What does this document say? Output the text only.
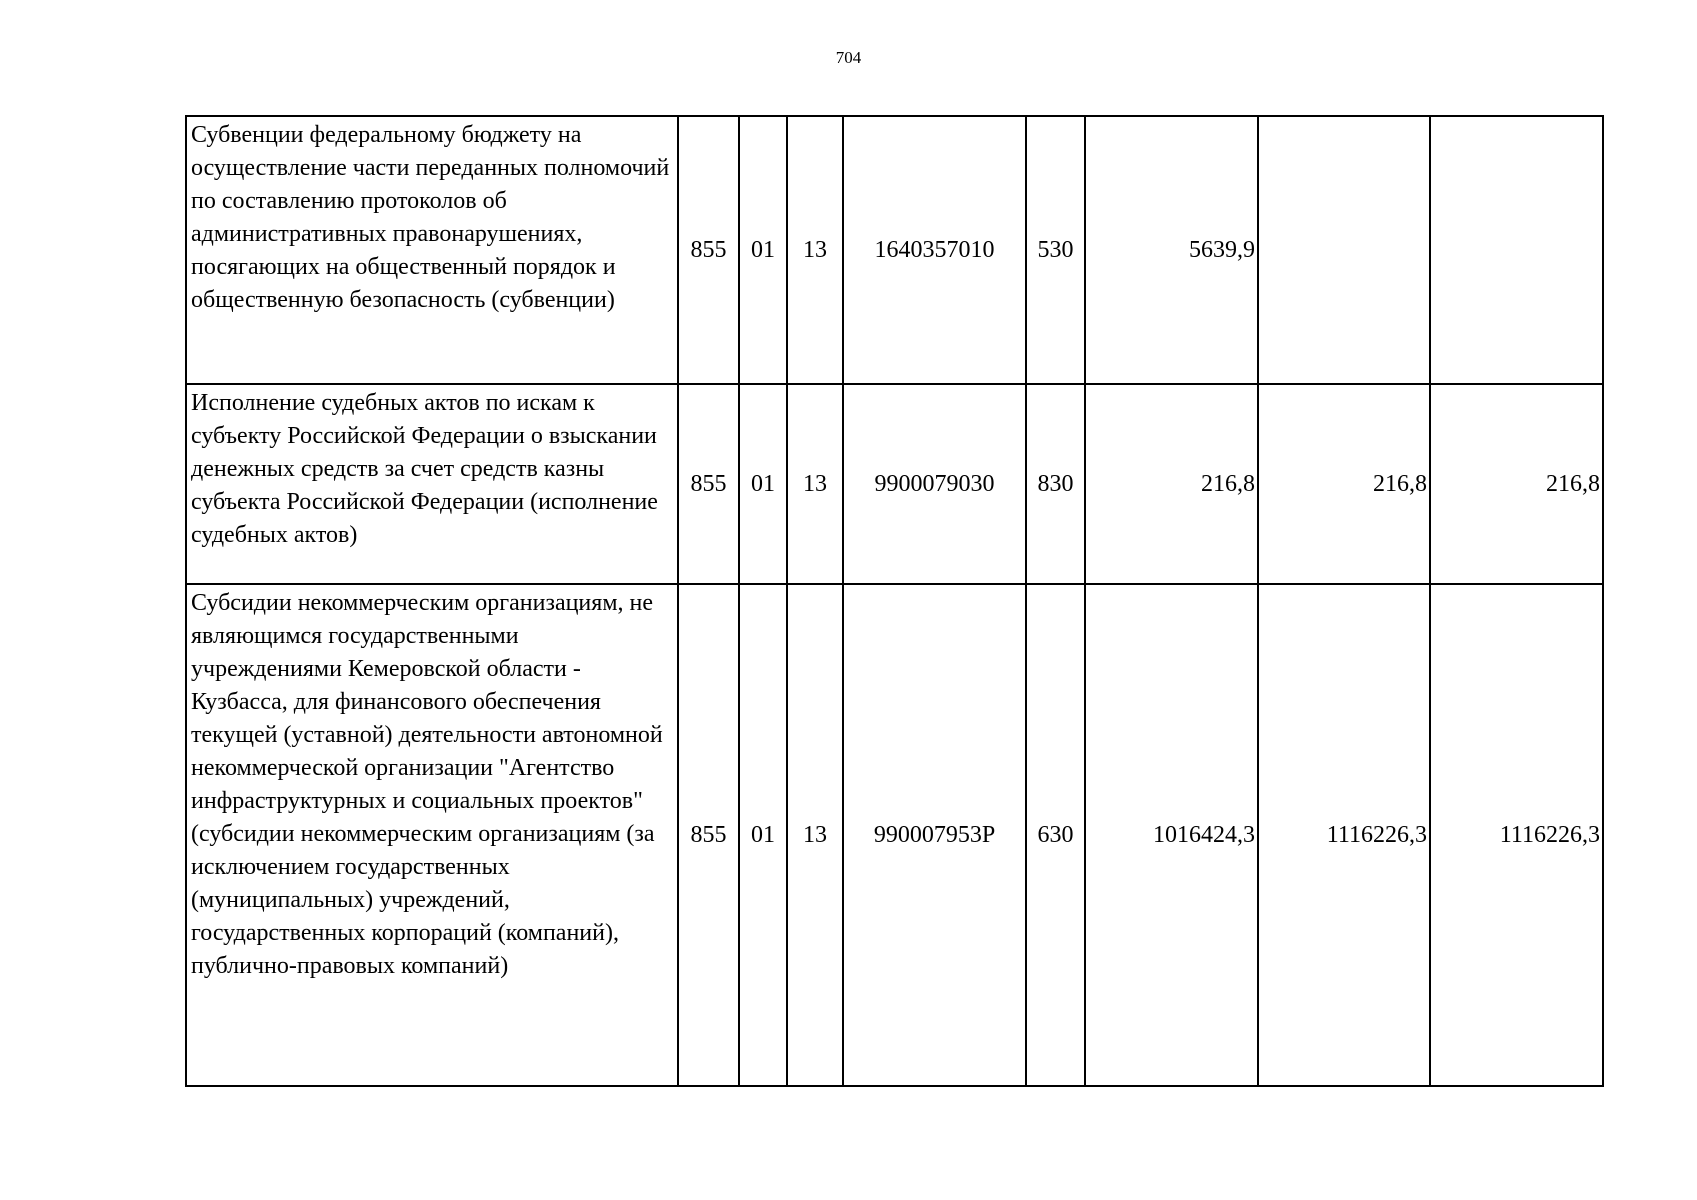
704
Субвенции федеральному бюджету на осуществление части переданных полномочий по составлению протоколов об административных правонарушениях, посягающих на общественный порядок и общественную безопасность (субвенции)	855	01	13	1640357010	530	5639,9		
Исполнение судебных актов по искам к субъекту Российской Федерации о взыскании денежных средств за счет средств казны субъекта Российской Федерации (исполнение судебных актов)	855	01	13	9900079030	830	216,8	216,8	216,8
Субсидии некоммерческим организациям, не являющимся государственными учреждениями Кемеровской области - Кузбасса, для финансового обеспечения текущей (уставной) деятельности автономной некоммерческой организации "Агентство инфраструктурных и социальных проектов" (субсидии некоммерческим организациям (за исключением государственных (муниципальных) учреждений, государственных корпораций (компаний), публично-правовых компаний)	855	01	13	990007953Р	630	1016424,3	1116226,3	1116226,3
